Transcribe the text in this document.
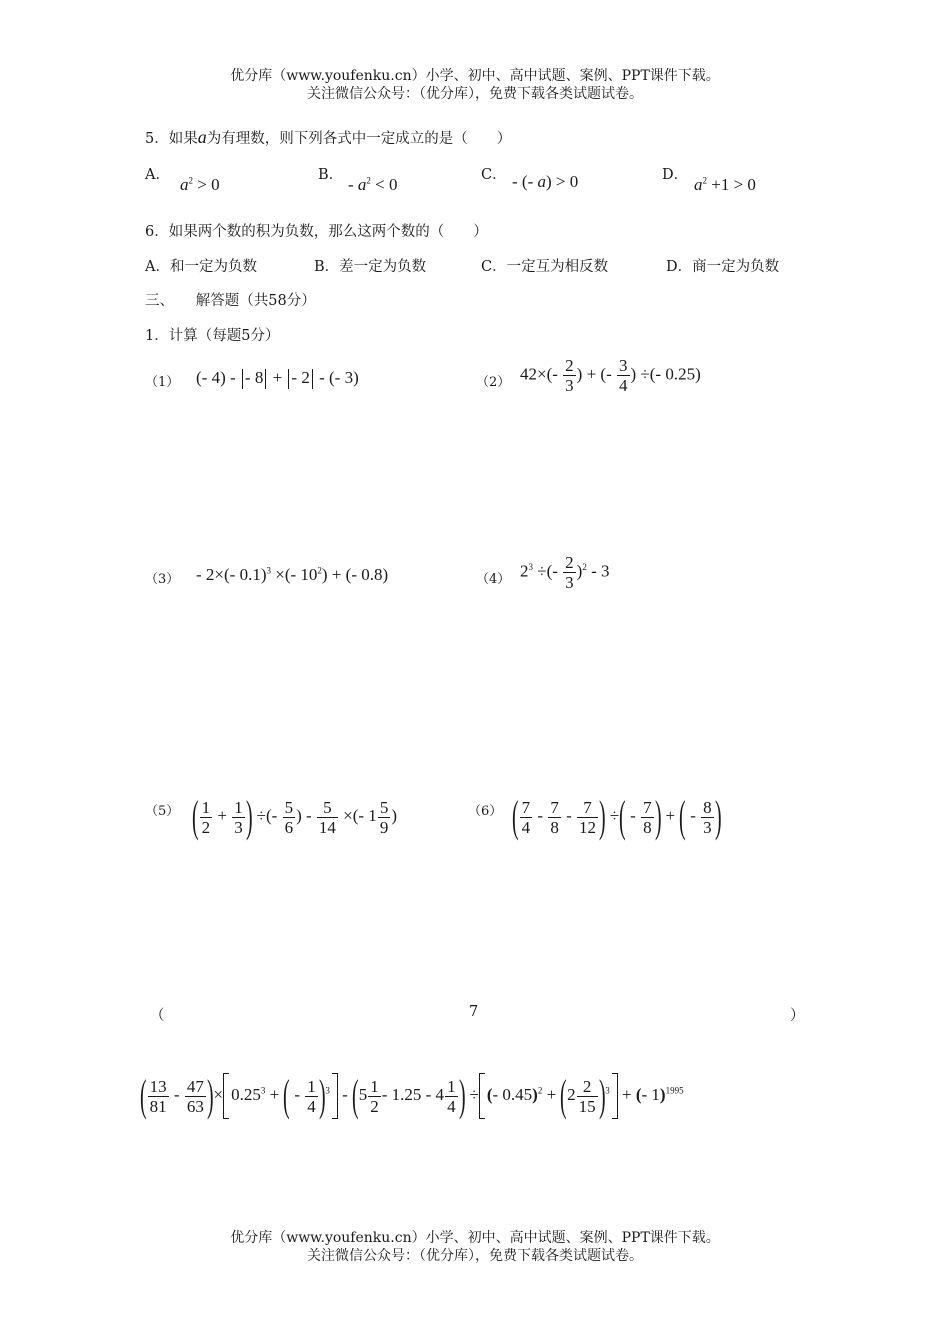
优分库（www.youfenku.cn）小学、初中、高中试题、案例、PPT课件下载。
关注微信公众号：（优分库），免费下载各类试题试卷。
5．如果a为有理数，则下列各式中一定成立的是（　　）
A． $a^2 > 0$	B． - $a^2 < 0$	C． - (- a) > 0	D． $a^2 +1 > 0$
6．如果两个数的积为负数，那么这两个数的（　　）
A．和一定为负数	B．差一定为负数	C．一定互为相反数	D．商一定为负数
三、　　解答题（共58分）
1．计算（每题5分）
（1） (- 4) - - 8 + - 2 - (- 3)	（2） $42\times(- \frac{2}{3}$ ) + (- $\frac{3}{4}$ ) ÷(- 0.25)
（3） - 2×(- 0.1)$^3$ ×(- $10^2$) + (- 0.8)	（4） $2^3$ ÷(- $\frac{2}{3} )^2 - 3$
（5） ( $\frac{1}{2} + \frac{1}{3}$ ) ÷(- $\frac{5}{6}$ ) - $\frac{5}{14}$ ×(- $1 \frac{5}{9}$ )	（6） ( $\frac{7}{4} - \frac{7}{8} - \frac{7}{12}$ ) ÷( - $\frac{7}{8}$ ) + ( - $\frac{8}{3}$ )
（	7	）
( $\frac{13}{81} - \frac{47}{63}$ )× $0.25^3$ + ( - $\frac{1}{4} )^3 - (5 \frac{1}{2} - 1.25 - 4 \frac{1}{4}$ ) ÷ (- $0.45)^2 + (2 \frac{2}{15} )^3$ + (- 1)$^{1995}$
优分库（www.youfenku.cn）小学、初中、高中试题、案例、PPT课件下载。
关注微信公众号：（优分库），免费下载各类试题试卷。
